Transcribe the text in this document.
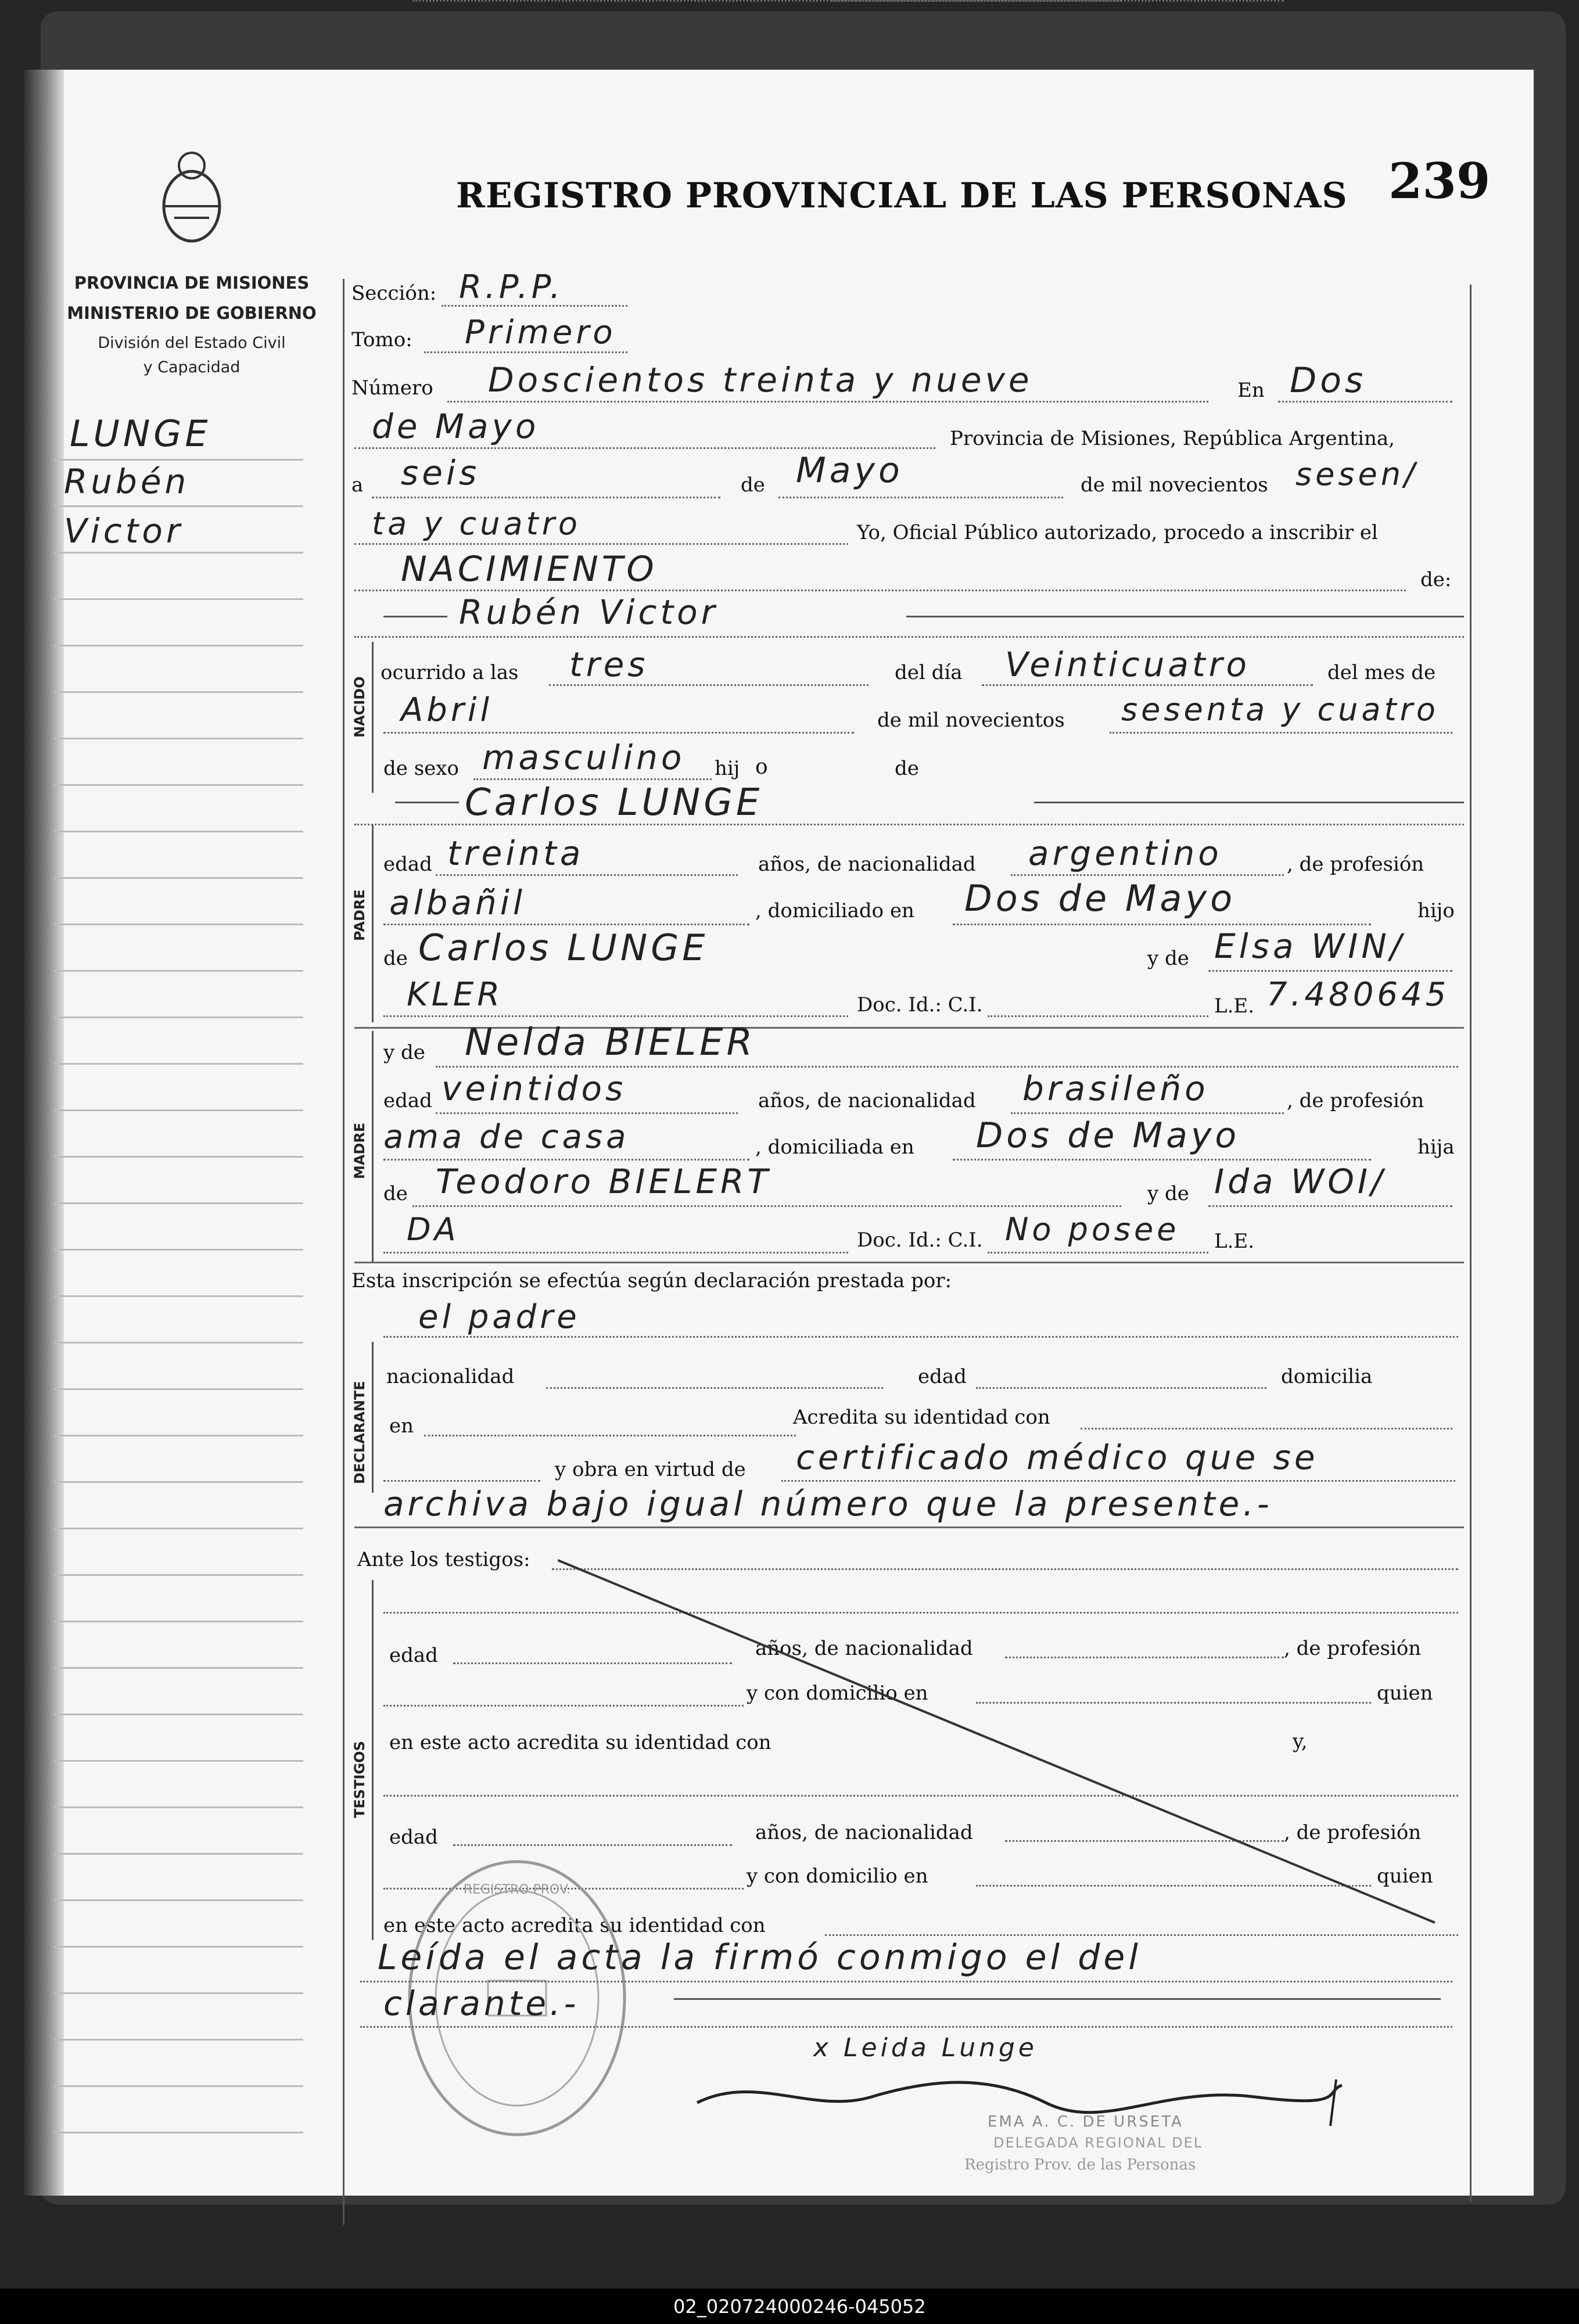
REGISTRO PROVINCIAL DE LAS PERSONAS 239
PROVINCIA DE MISIONES
MINISTERIO DE GOBIERNO
División del Estado Civil
y Capacidad
LUNGE
Rubén
Victor
Sección: R.P.P.
Tomo: Primero
Número Doscientos treinta y nueve	En Dos
de Mayo	Provincia de Misiones, República Argentina,
a seis	de Mayo	de mil novecientos sesen/
ta y cuatro	Yo, Oficial Público autorizado, procedo a inscribir el
NACIMIENTO	de:
Rubén Victor
NACIDO
ocurrido a las tres	del día Veinticuatro	del mes de
Abril	de mil novecientos sesenta y cuatro
de sexo masculino hij o	de
Carlos LUNGE
PADRE
edad treinta	años, de nacionalidad argentino	, de profesión
albañil	, domiciliado en Dos de Mayo	hijo
de Carlos LUNGE	y de Elsa WIN/
KLER	Doc. Id.: C.I.	L.E. 7.480645
MADRE
y de Nelda BIELER
edad veintidos	años, de nacionalidad brasileño	, de profesión
ama de casa	, domiciliada en Dos de Mayo	hija
de Teodoro BIELERT	y de Ida WOI/
DA	Doc. Id.: C.I. No posee L.E.
Esta inscripción se efectúa según declaración prestada por:
el padre
DECLARANTE
nacionalidad	edad	domicilia
en	Acredita su identidad con
y obra en virtud de certificado médico que se
archiva bajo igual número que la presente.-
Ante los testigos:
TESTIGOS
edad	años, de nacionalidad	, de profesión
y con domicilio en	quien
en este acto acredita su identidad con	y,
edad	años, de nacionalidad	, de profesión
y con domicilio en	quien
en este acto acredita su identidad con
REGISTRO PROV.
Leída el acta la firmó conmigo el del
clarante.-
x Leida Lunge
EMA A. C. DE URSETA
DELEGADA REGIONAL DEL
Registro Prov. de las Personas
02_020724000246-045052
